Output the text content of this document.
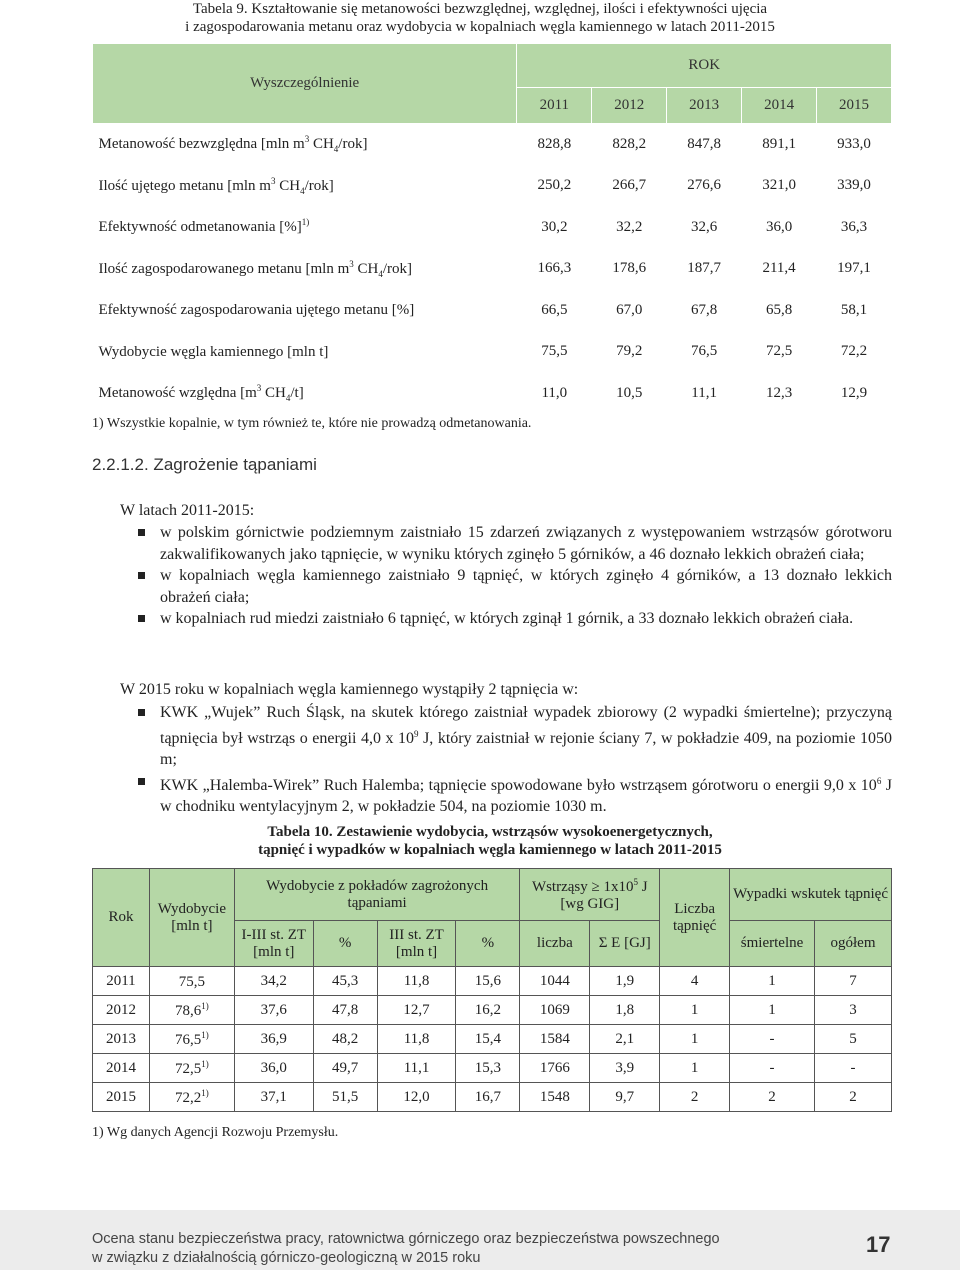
Tabela 9. Kształtowanie się metanowości bezwzględnej, względnej, ilości i efektywności ujęcia
i zagospodarowania metanu oraz wydobycia w kopalniach węgla kamiennego w latach 2011-2015
Wyszczególnienie	ROK				
	2011	2012	2013	2014	2015
Metanowość bezwzględna [mln $m^3$ $CH_4/rok$]	828,8	828,2	847,8	891,1	933,0
Ilość ujętego metanu [mln $m^3$ $CH_4/rok$]	250,2	266,7	276,6	321,0	339,0
Efektywność odmetanowania [%]$^{1)}$	30,2	32,2	32,6	36,0	36,3
Ilość zagospodarowanego metanu [mln $m^3$ $CH_4/rok$]	166,3	178,6	187,7	211,4	197,1
Efektywność zagospodarowania ujętego metanu [%]	66,5	67,0	67,8	65,8	58,1
Wydobycie węgla kamiennego [mln t]	75,5	79,2	76,5	72,5	72,2
Metanowość względna [$m^3$ $CH_4/t$]	11,0	10,5	11,1	12,3	12,9
1) Wszystkie kopalnie, w tym również te, które nie prowadzą odmetanowania.
2.2.1.2. Zagrożenie tąpaniami
W latach 2011-2015:
w polskim górnictwie podziemnym zaistniało 15 zdarzeń związanych z występowaniem wstrząsów górotworu zakwalifikowanych jako tąpnięcie, w wyniku których zginęło 5 górników, a 46 doznało lekkich obrażeń ciała;
w kopalniach węgla kamiennego zaistniało 9 tąpnięć, w których zginęło 4 górników, a 13 doznało lekkich obrażeń ciała;
w kopalniach rud miedzi zaistniało 6 tąpnięć, w których zginął 1 górnik, a 33 doznało lekkich obrażeń ciała.
W 2015 roku w kopalniach węgla kamiennego wystąpiły 2 tąpnięcia w:
KWK „Wujek” Ruch Śląsk, na skutek którego zaistniał wypadek zbiorowy (2 wypadki śmiertelne); przyczyną tąpnięcia był wstrząs o energii 4,0 x $10^9$ J, który zaistniał w rejonie ściany 7, w pokładzie 409, na poziomie 1050 m;
KWK „Halemba-Wirek” Ruch Halemba; tąpnięcie spowodowane było wstrząsem górotworu o energii 9,0 x $10^6$ J w chodniku wentylacyjnym 2, w pokładzie 504, na poziomie 1030 m.
Tabela 10. Zestawienie wydobycia, wstrząsów wysokoenergetycznych,
tąpnięć i wypadków w kopalniach węgla kamiennego w latach 2011-2015
Rok	Wydobycie [mln t]	Wydobycie z pokładów zagrożonych tąpaniami				Wstrząsy ≥ $1x10^5$ J [wg GIG]		Liczba tąpnięć	Wypadki wskutek tąpnięć	
		I-III st. ZT [mln t]	%	III st. ZT [mln t]	%	liczba	Σ E [GJ]		śmiertelne	ogółem
2011	75,5	34,2	45,3	11,8	15,6	1044	1,9	4	1	7
2012	78,6$^{1)}$	37,6	47,8	12,7	16,2	1069	1,8	1	1	3
2013	76,5$^{1)}$	36,9	48,2	11,8	15,4	1584	2,1	1	-	5
2014	72,5$^{1)}$	36,0	49,7	11,1	15,3	1766	3,9	1	-	-
2015	72,2$^{1)}$	37,1	51,5	12,0	16,7	1548	9,7	2	2	2
1) Wg danych Agencji Rozwoju Przemysłu.
Ocena stanu bezpieczeństwa pracy, ratownictwa górniczego oraz bezpieczeństwa powszechnego
w związku z działalnością górniczo-geologiczną w 2015 roku
17
